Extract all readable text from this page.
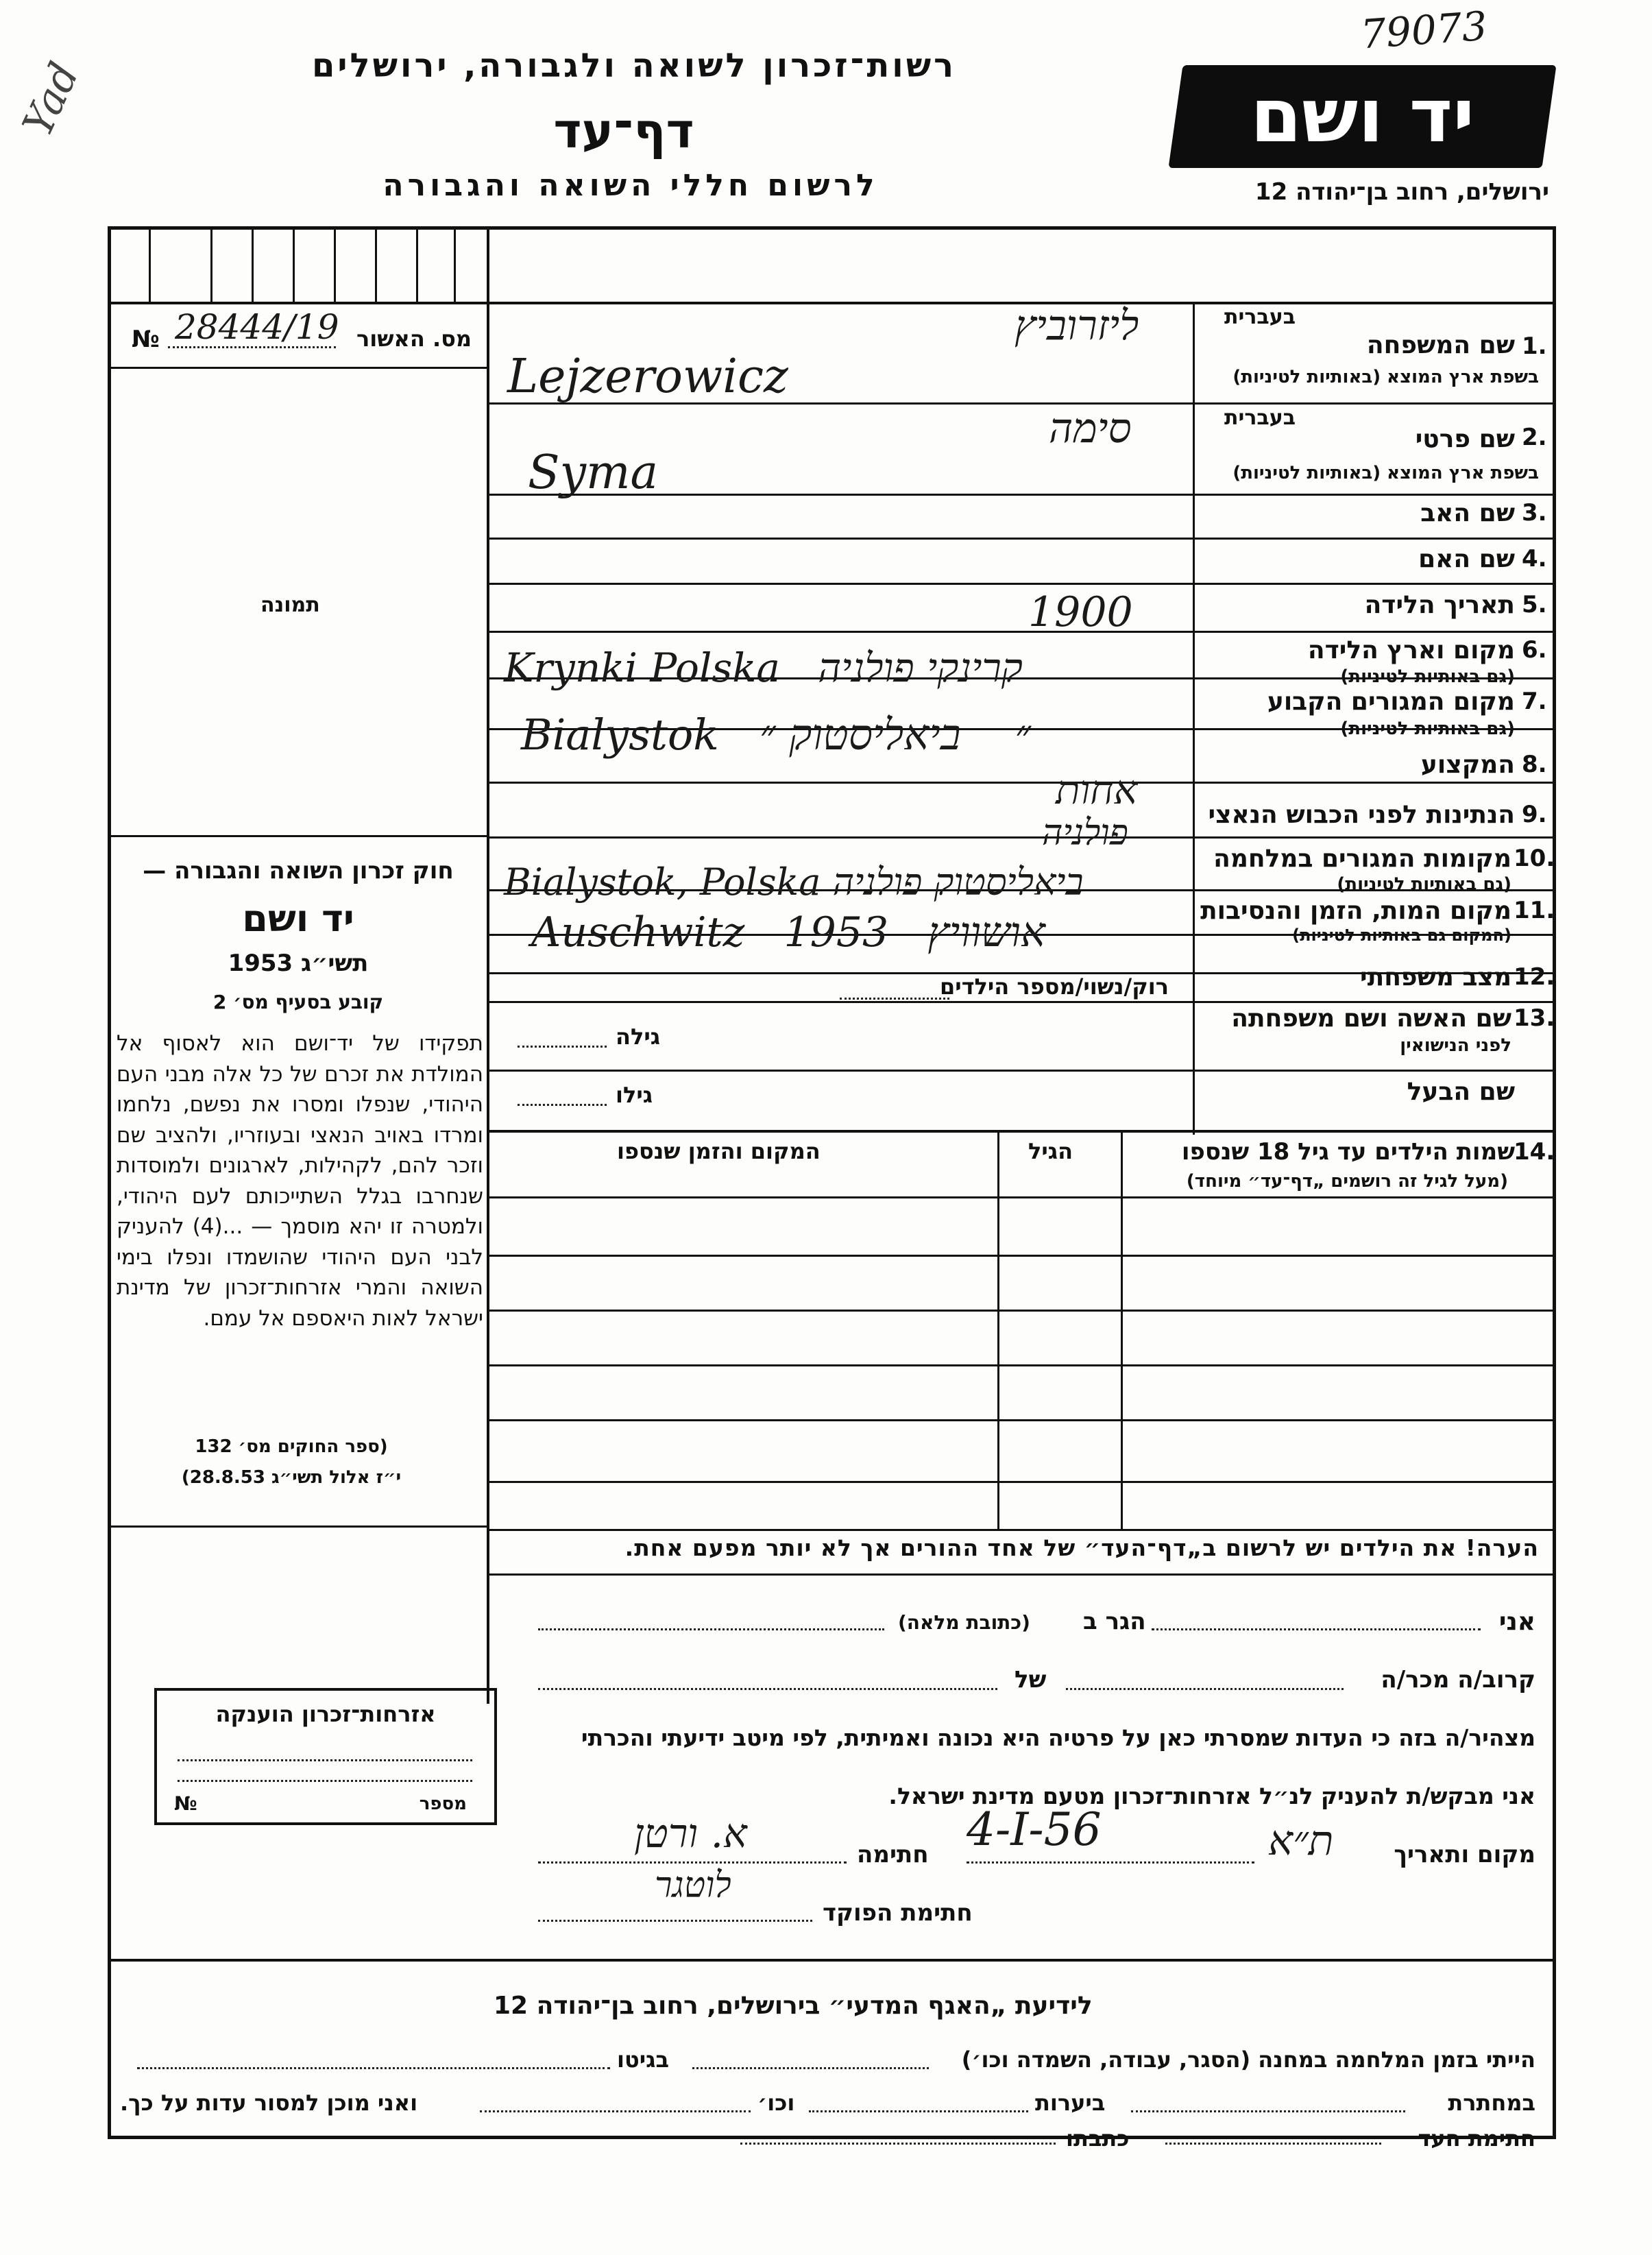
79073
Yad	רשות־זכרון לשואה ולגבורה, ירושלים
דף־עד
לרשום חללי השואה והגבורה
יד ושם
ירושלים, רחוב בן־יהודה 12
№ 28444/19 מס. האשור
תמונה
חוק זכרון השואה והגבורה —
יד ושם
תשי״ג 1953
קובע בסעיף מס׳ 2
תפקידו של יד־ושם הוא לאסוף אל המולדת את זכרם של כל אלה מבני העם היהודי, שנפלו ומסרו את נפשם, נלחמו ומרדו באויב הנאצי ובעוזריו, ולהציב שם וזכר להם, לקהילות, לארגונים ולמוסדות שנחרבו בגלל השתייכותם לעם היהודי, ולמטרה זו יהא מוסמך — ...(4) להעניק לבני העם היהודי שהושמדו ונפלו בימי השואה והמרי אזרחות־זכרון של מדינת ישראל לאות היאספם אל עמם.
(ספר החוקים מס׳ 132
י״ז אלול תשי״ג 28.8.53)
בעברית
1.
שם המשפחה
בשפת ארץ המוצא (באותיות לטיניות)
ליזרוביץ
Lejzerowicz
בעברית
2.
שם פרטי
בשפת ארץ המוצא (באותיות לטיניות)
סימה
Syma
3.
שם האב
4.
שם האם
5.
תאריך הלידה
1900
6.
מקום וארץ הלידה
(גם באותיות לטיניות)
Krynki Polska   קרינקי פולניה
7.
מקום המגורים הקבוע
(גם באותיות לטיניות)
Bialystok   ״    ביאליסטוק ״
8.
המקצוע
אחות
9.
הנתינות לפני הכבוש הנאצי
פולניה
10.
מקומות המגורים במלחמה
(גם באותיות לטיניות)
Bialystok, Polska ביאליסטוק פולניה
11.
מקום המות, הזמן והנסיבות
(המקום גם באותיות לטיניות)
Auschwitz   1953   אושוויץ
12.
מצב משפחתי
13.
שם האשה ושם משפחתה
לפני הנישואין
שם הבעל
רוק/נשוי/מספר הילדים
גילה
גילו
14.
שמות הילדים עד גיל 18 שנספו
(מעל לגיל זה רושמים „דף־עד״ מיוחד)
הגיל
המקום והזמן שנספו
הערה! את הילדים יש לרשום ב„דף־העד״ של אחד ההורים אך לא יותר מפעם אחת.
אני
הגר ב
(כתובת מלאה)
קרוב/ה מכר/ה
של
מצהיר/ה בזה כי העדות שמסרתי כאן על פרטיה היא נכונה ואמיתית, לפי מיטב ידיעתי והכרתי
אני מבקש/ת להעניק לנ״ל אזרחות־זכרון מטעם מדינת ישראל.
מקום ותאריך
ת״א
4-I-56
חתימה
א. ורטן
חתימת הפוקד
לוטגר
אזרחות־זכרון הוענקה
מספר
№
לידיעת „האגף המדעי״ בירושלים, רחוב בן־יהודה 12
הייתי בזמן המלחמה במחנה (הסגר, עבודה, השמדה וכו׳)
בגיטו
במחתרת
ביערות
וכו׳
ואני מוכן למסור עדות על כך.
חתימת העד
כתבתו
